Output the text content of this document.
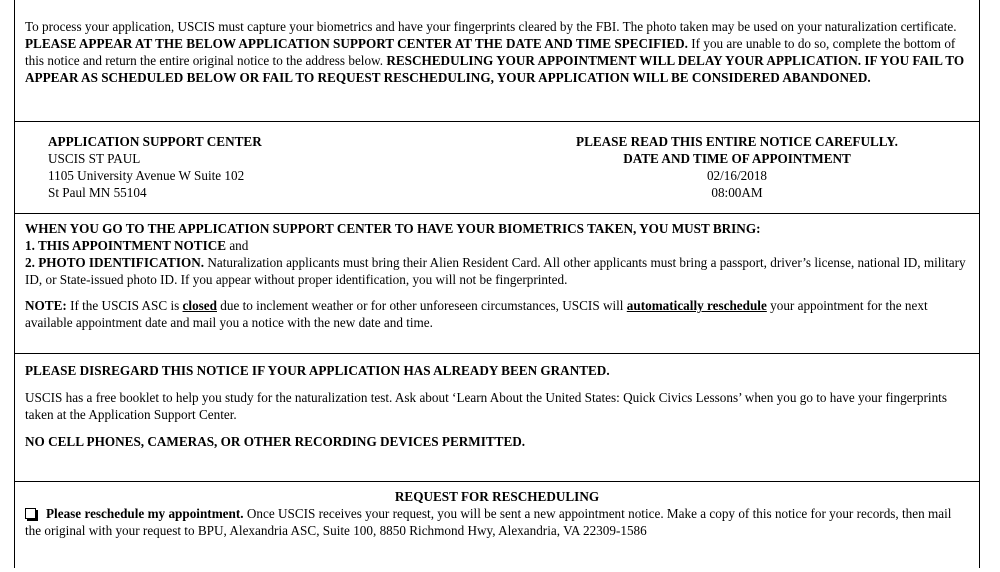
To process your application, USCIS must capture your biometrics and have your fingerprints cleared by the FBI. The photo taken may be used on your naturalization certificate. PLEASE APPEAR AT THE BELOW APPLICATION SUPPORT CENTER AT THE DATE AND TIME SPECIFIED. If you are unable to do so, complete the bottom of this notice and return the entire original notice to the address below. RESCHEDULING YOUR APPOINTMENT WILL DELAY YOUR APPLICATION. IF YOU FAIL TO APPEAR AS SCHEDULED BELOW OR FAIL TO REQUEST RESCHEDULING, YOUR APPLICATION WILL BE CONSIDERED ABANDONED.

APPLICATION SUPPORT CENTER
USCIS ST PAUL
1105 University Avenue W Suite 102
St Paul MN 55104
PLEASE READ THIS ENTIRE NOTICE CAREFULLY.
DATE AND TIME OF APPOINTMENT
02/16/2018
08:00AM

WHEN YOU GO TO THE APPLICATION SUPPORT CENTER TO HAVE YOUR BIOMETRICS TAKEN, YOU MUST BRING:

1. THIS APPOINTMENT NOTICE and

2. PHOTO IDENTIFICATION. Naturalization applicants must bring their Alien Resident Card. All other applicants must bring a passport, driver’s license, national ID, military ID, or State-issued photo ID. If you appear without proper identification, you will not be fingerprinted.

NOTE: If the USCIS ASC is closed due to inclement weather or for other unforeseen circumstances, USCIS will automatically reschedule your appointment for the next available appointment date and mail you a notice with the new date and time.

PLEASE DISREGARD THIS NOTICE IF YOUR APPLICATION HAS ALREADY BEEN GRANTED.

USCIS has a free booklet to help you study for the naturalization test. Ask about ‘Learn About the United States: Quick Civics Lessons’ when you go to have your fingerprints taken at the Application Support Center.

NO CELL PHONES, CAMERAS, OR OTHER RECORDING DEVICES PERMITTED.

REQUEST FOR RESCHEDULING

Please reschedule my appointment. Once USCIS receives your request, you will be sent a new appointment notice. Make a copy of this notice for your records, then mail the original with your request to BPU, Alexandria ASC, Suite 100, 8850 Richmond Hwy, Alexandria, VA 22309-1586
